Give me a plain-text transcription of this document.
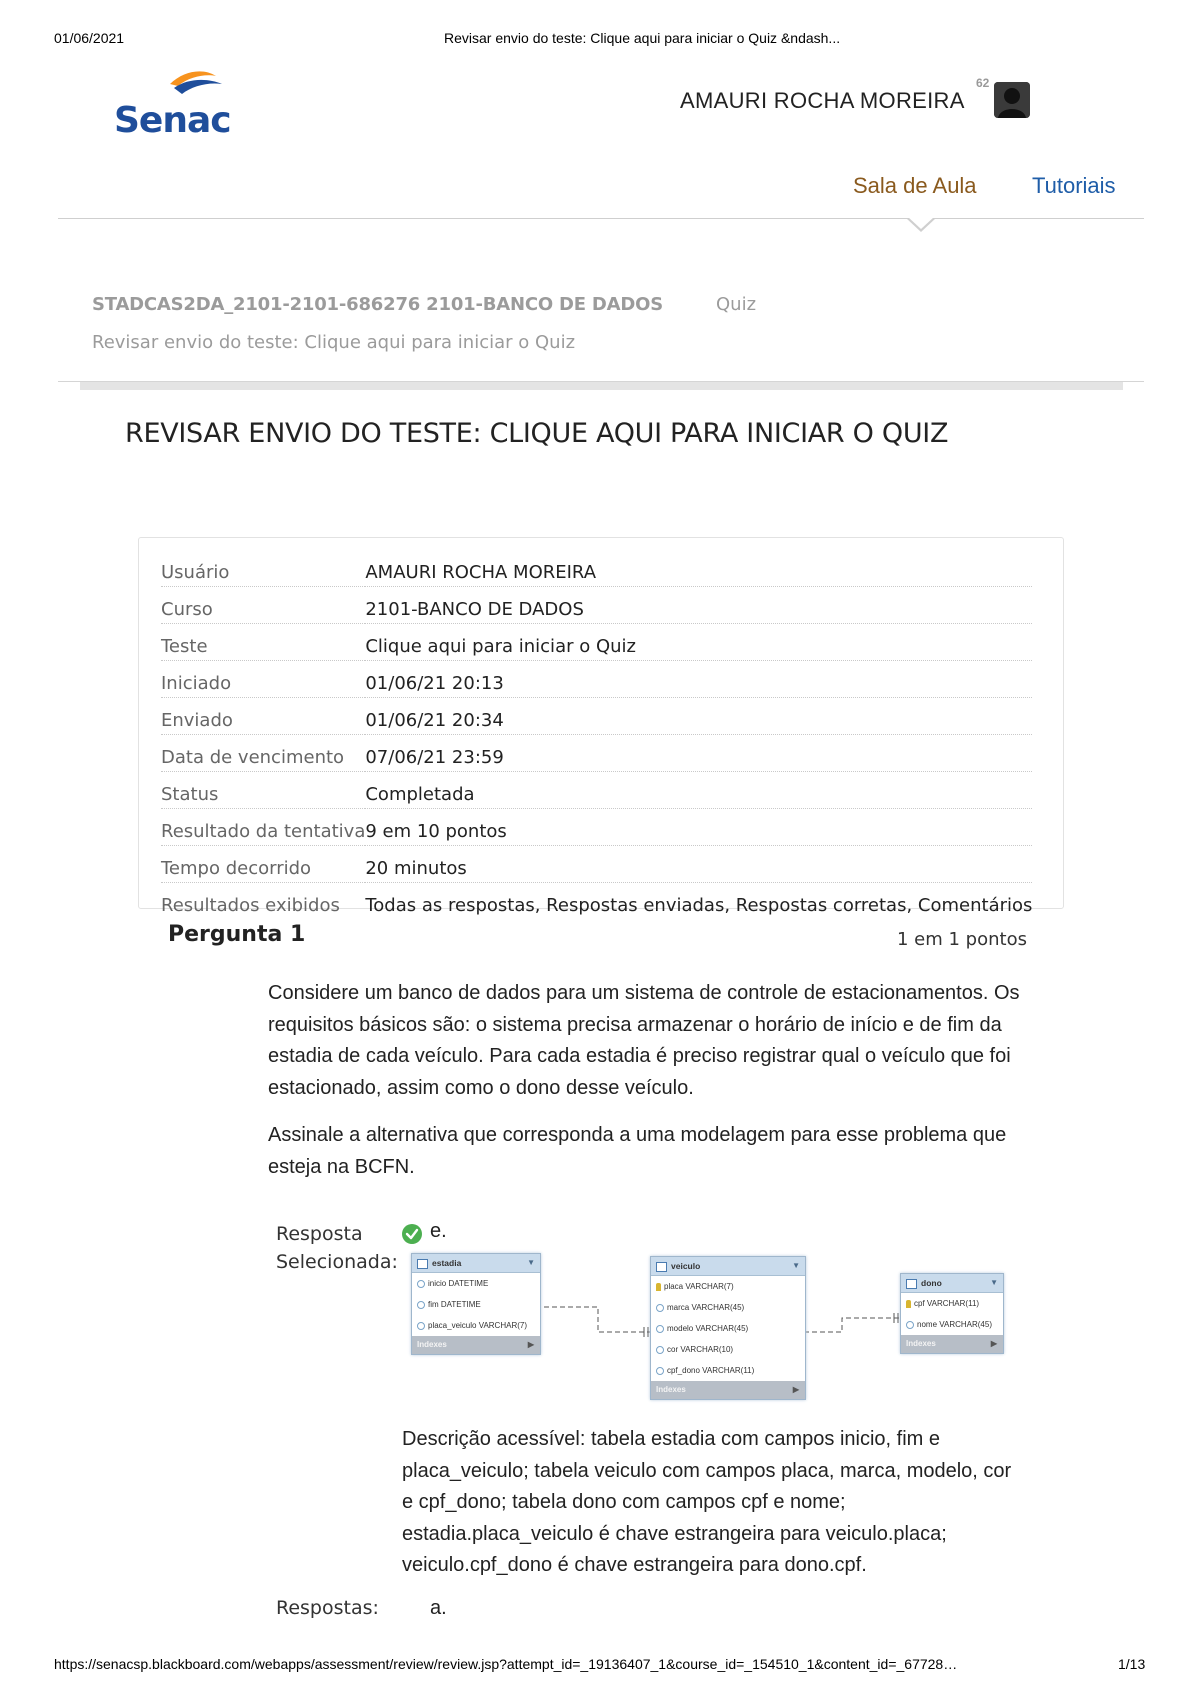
01/06/2021	Revisar envio do teste: Clique aqui para iniciar o Quiz &ndash...
Senac	AMAURI ROCHA MOREIRA
62
Sala de Aula	Tutoriais
STADCAS2DA_2101-2101-686276 2101-BANCO DE DADOS	Quiz
Revisar envio do teste: Clique aqui para iniciar o Quiz
REVISAR ENVIO DO TESTE: CLIQUE AQUI PARA INICIAR O QUIZ
Usuário	AMAURI ROCHA MOREIRA
Curso	2101-BANCO DE DADOS
Teste	Clique aqui para iniciar o Quiz
Iniciado	01/06/21 20:13
Enviado	01/06/21 20:34
Data de vencimento	07/06/21 23:59
Status	Completada
Resultado da tentativa	9 em 10 pontos
Tempo decorrido	20 minutos
Resultados exibidos	Todas as respostas, Respostas enviadas, Respostas corretas, Comentários
Pergunta 1	1 em 1 pontos

Considere um banco de dados para um sistema de controle de estacionamentos. Os requisitos básicos são: o sistema precisa armazenar o horário de início e de fim da estadia de cada veículo. Para cada estadia é preciso registrar qual o veículo que foi estacionado, assim como o dono desse veículo.

Assinale a alternativa que corresponda a uma modelagem para esse problema que esteja na BCFN.

Resposta
Selecionada:
e.
estadia	▼
inicio DATETIME
fim DATETIME
placa_veiculo VARCHAR(7)
Indexes	▶
veiculo	▼
placa VARCHAR(7)
marca VARCHAR(45)
modelo VARCHAR(45)
cor VARCHAR(10)
cpf_dono VARCHAR(11)
Indexes	▶
dono	▼
cpf VARCHAR(11)
nome VARCHAR(45)
Indexes	▶
Descrição acessível: tabela estadia com campos inicio, fim e placa_veiculo; tabela veiculo com campos placa, marca, modelo, cor e cpf_dono; tabela dono com campos cpf e nome; estadia.placa_veiculo é chave estrangeira para veiculo.placa; veiculo.cpf_dono é chave estrangeira para dono.cpf.
Respostas:	a.
https://senacsp.blackboard.com/webapps/assessment/review/review.jsp?attempt_id=_19136407_1&course_id=_154510_1&content_id=_67728…	1/13
